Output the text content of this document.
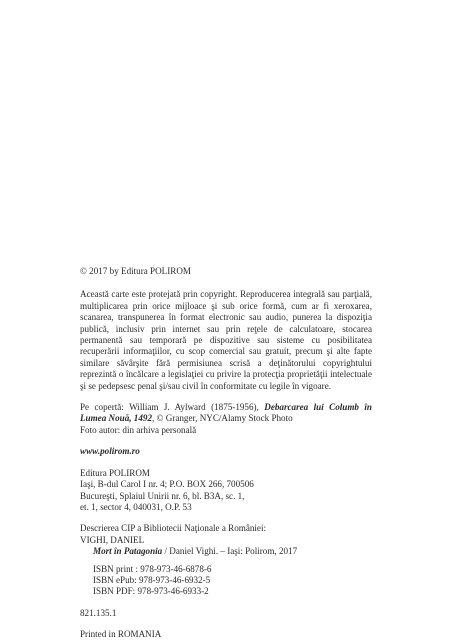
© 2017 by Editura POLIROM

Această carte este protejată prin copyright. Reproducerea integrală sau parţială, multiplicarea prin orice mijloace şi sub orice formă, cum ar fi xeroxarea, scanarea, transpunerea în format electronic sau audio, punerea la dispoziţia publică, inclusiv prin internet sau prin reţele de calculatoare, stocarea permanentă sau temporară pe dispozitive sau sisteme cu posibilitatea recuperării informaţiilor, cu scop comercial sau gratuit, precum şi alte fapte similare săvârşite fără permisiunea scrisă a deţinătorului copyrightului reprezintă o încălcare a legislaţiei cu privire la protecţia proprietăţii intelectuale şi se pedepsesc penal şi/sau civil în conformitate cu legile în vigoare.

Pe copertă: William J. Aylward (1875-1956), Debarcarea lui Columb în Lumea Nouă, 1492, © Granger, NYC/Alamy Stock Photo

Foto autor: din arhiva personală

www.polirom.ro

Editura POLIROM
Iaşi, B-dul Carol I nr. 4; P.O. BOX 266, 700506
Bucureşti, Splaiul Unirii nr. 6, bl. B3A, sc. 1,
et. 1, sector 4, 040031, O.P. 53
Descrierea CIP a Bibliotecii Naţionale a României:
VIGHI, DANIEL
Mort în Patagonia / Daniel Vighi. – Iaşi: Polirom, 2017
ISBN print : 978-973-46-6878-6
ISBN ePub: 978-973-46-6932-5
ISBN PDF: 978-973-46-6933-2
821.135.1

Printed in ROMANIA
